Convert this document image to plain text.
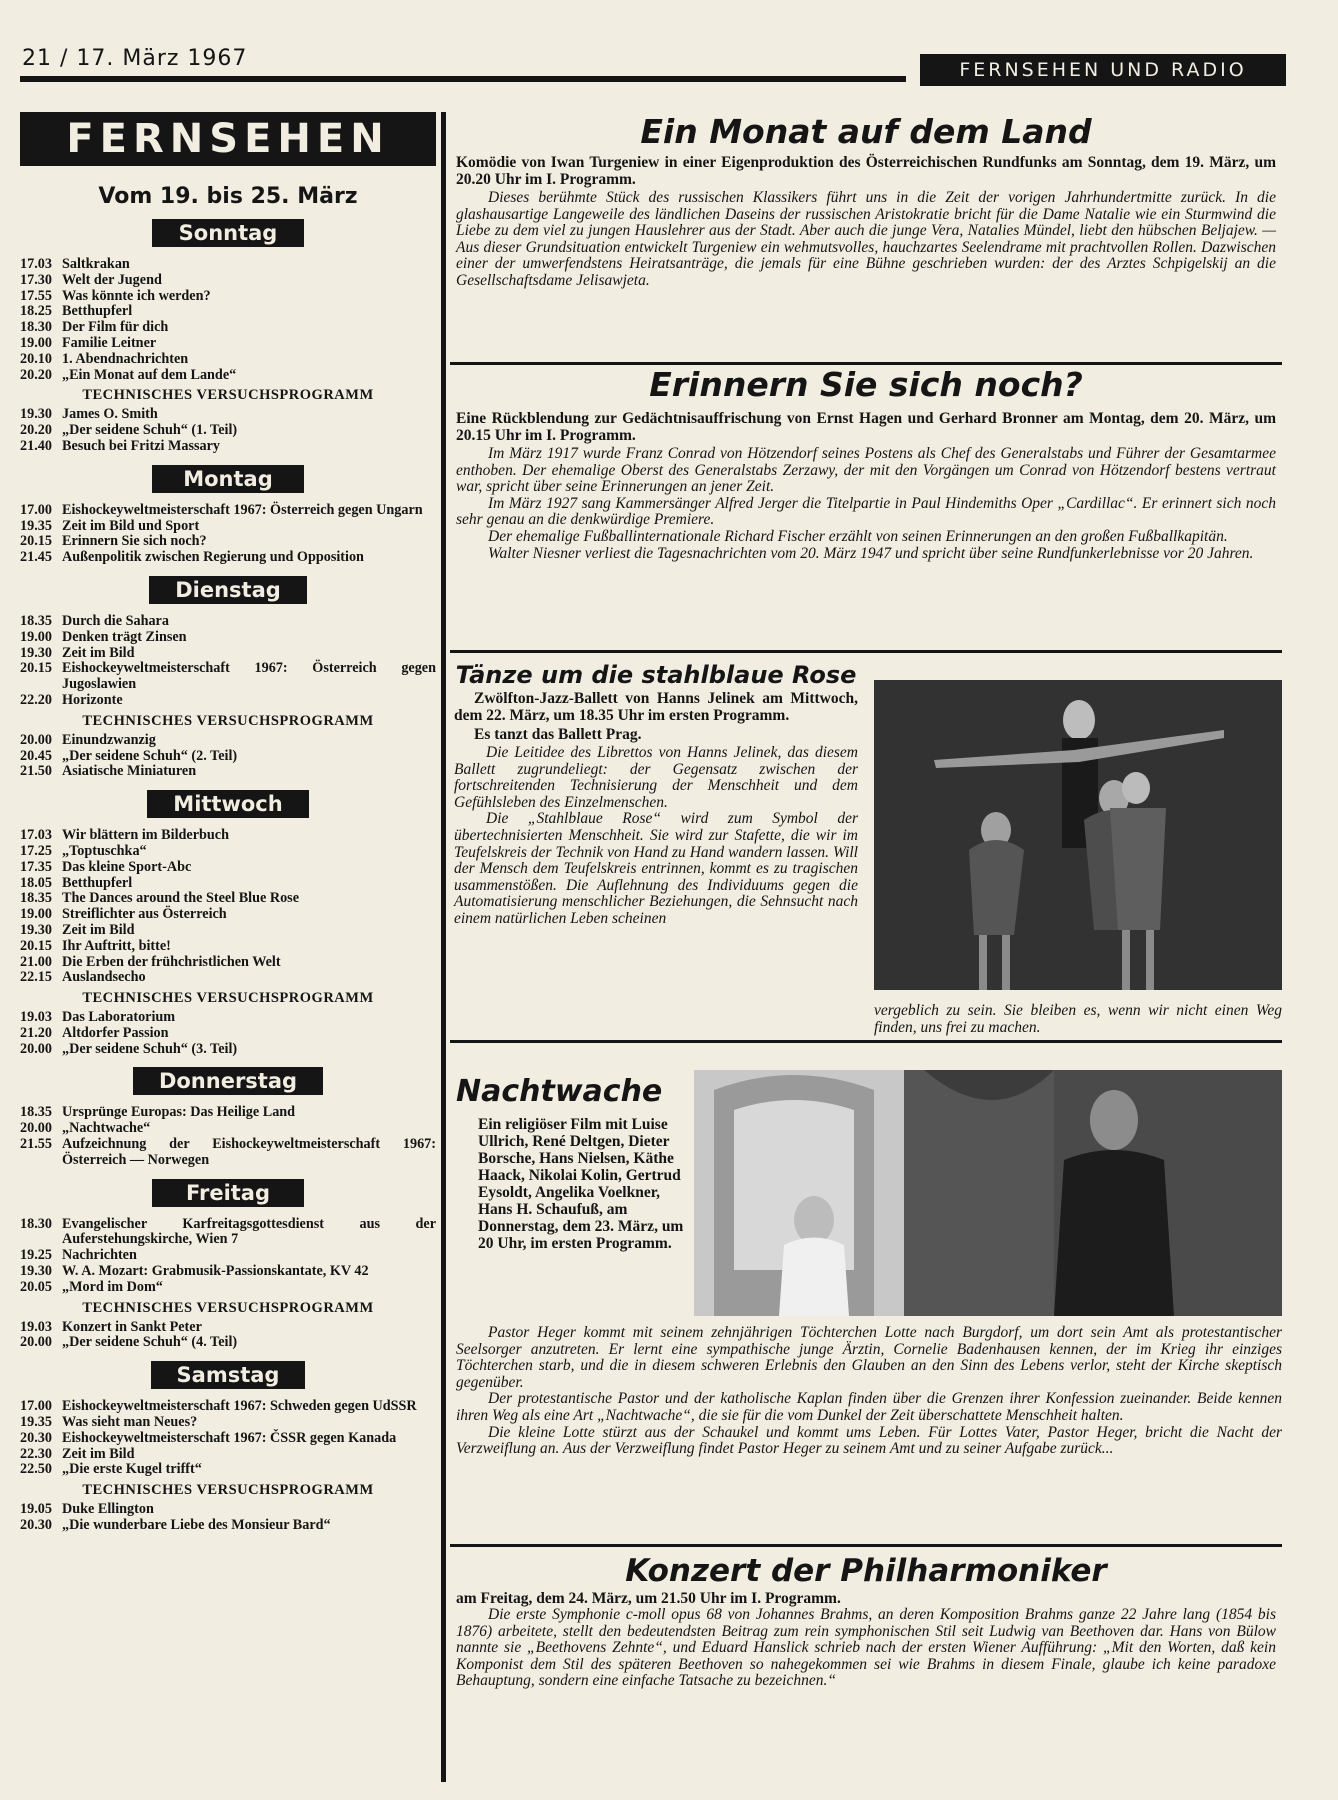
21 / 17. März 1967	FERNSEHEN UND RADIO
FERNSEHEN
Vom 19. bis 25. März
Sonntag
17.03 Saltkrakan
17.30 Welt der Jugend
17.55 Was könnte ich werden?
18.25 Betthupferl
18.30 Der Film für dich
19.00 Familie Leitner
20.10 1. Abendnachrichten
20.20 „Ein Monat auf dem Lande“
TECHNISCHES VERSUCHSPROGRAMM
19.30 James O. Smith
20.20 „Der seidene Schuh“ (1. Teil)
21.40 Besuch bei Fritzi Massary
Montag
17.00 Eishockeyweltmeisterschaft 1967: Österreich gegen Ungarn
19.35 Zeit im Bild und Sport
20.15 Erinnern Sie sich noch?
21.45 Außenpolitik zwischen Regierung und Opposition
Dienstag
18.35 Durch die Sahara
19.00 Denken trägt Zinsen
19.30 Zeit im Bild
20.15 Eishockeyweltmeisterschaft 1967: Österreich gegen Jugoslawien
22.20 Horizonte
TECHNISCHES VERSUCHSPROGRAMM
20.00 Einundzwanzig
20.45 „Der seidene Schuh“ (2. Teil)
21.50 Asiatische Miniaturen
Mittwoch
17.03 Wir blättern im Bilderbuch
17.25 „Toptuschka“
17.35 Das kleine Sport-Abc
18.05 Betthupferl
18.35 The Dances around the Steel Blue Rose
19.00 Streiflichter aus Österreich
19.30 Zeit im Bild
20.15 Ihr Auftritt, bitte!
21.00 Die Erben der frühchristlichen Welt
22.15 Auslandsecho
TECHNISCHES VERSUCHSPROGRAMM
19.03 Das Laboratorium
21.20 Altdorfer Passion
20.00 „Der seidene Schuh“ (3. Teil)
Donnerstag
18.35 Ursprünge Europas: Das Heilige Land
20.00 „Nachtwache“
21.55 Aufzeichnung der Eishockeyweltmeisterschaft 1967: Österreich — Norwegen
Freitag
18.30 Evangelischer Karfreitagsgottesdienst aus der Auferstehungskirche, Wien 7
19.25 Nachrichten
19.30 W. A. Mozart: Grabmusik-Passionskantate, KV 42
20.05 „Mord im Dom“
TECHNISCHES VERSUCHSPROGRAMM
19.03 Konzert in Sankt Peter
20.00 „Der seidene Schuh“ (4. Teil)
Samstag
17.00 Eishockeyweltmeisterschaft 1967: Schweden gegen UdSSR
19.35 Was sieht man Neues?
20.30 Eishockeyweltmeisterschaft 1967: ČSSR gegen Kanada
22.30 Zeit im Bild
22.50 „Die erste Kugel trifft“
TECHNISCHES VERSUCHSPROGRAMM
19.05 Duke Ellington
20.30 „Die wunderbare Liebe des Monsieur Bard“
Ein Monat auf dem Land
Komödie von Iwan Turgeniew in einer Eigenproduktion des Österreichischen Rundfunks am Sonntag, dem 19. März, um 20.20 Uhr im I. Programm.
Dieses berühmte Stück des russischen Klassikers führt uns in die Zeit der vorigen Jahrhundertmitte zurück. In die glashausartige Langeweile des ländlichen Daseins der russischen Aristokratie bricht für die Dame Natalie wie ein Sturmwind die Liebe zu dem viel zu jungen Hauslehrer aus der Stadt. Aber auch die junge Vera, Natalies Mündel, liebt den hübschen Beljajew. — Aus dieser Grundsituation entwickelt Turgeniew ein wehmutsvolles, hauchzartes Seelendrame mit prachtvollen Rollen. Dazwischen einer der umwerfendstens Heiratsanträge, die jemals für eine Bühne geschrieben wurden: der des Arztes Schpigelskij an die Gesellschaftsdame Jelisawjeta.
Erinnern Sie sich noch?
Eine Rückblendung zur Gedächtnisauffrischung von Ernst Hagen und Gerhard Bronner am Montag, dem 20. März, um 20.15 Uhr im I. Programm.

Im März 1917 wurde Franz Conrad von Hötzendorf seines Postens als Chef des Generalstabs und Führer der Gesamtarmee enthoben. Der ehemalige Oberst des Generalstabs Zerzawy, der mit den Vorgängen um Conrad von Hötzendorf bestens vertraut war, spricht über seine Erinnerungen an jener Zeit.

Im März 1927 sang Kammersänger Alfred Jerger die Titelpartie in Paul Hindemiths Oper „Cardillac“. Er erinnert sich noch sehr genau an die denkwürdige Premiere.

Der ehemalige Fußballinternationale Richard Fischer erzählt von seinen Erinnerungen an den großen Fußballkapitän.

Walter Niesner verliest die Tagesnachrichten vom 20. März 1947 und spricht über seine Rundfunkerlebnisse vor 20 Jahren.

Tänze um die stahlblaue Rose
Zwölfton-Jazz-Ballett von Hanns Jelinek am Mittwoch, dem 22. März, um 18.35 Uhr im ersten Programm.
Es tanzt das Ballett Prag.

Die Leitidee des Librettos von Hanns Jelinek, das diesem Ballett zugrundeliegt: der Gegensatz zwischen der fortschreitenden Technisierung der Menschheit und dem Gefühlsleben des Einzelmenschen.

Die „Stahlblaue Rose“ wird zum Symbol der übertechnisierten Menschheit. Sie wird zur Stafette, die wir im Teufelskreis der Technik von Hand zu Hand wandern lassen. Will der Mensch dem Teufelskreis entrinnen, kommt es zu tragischen usammenstößen. Die Auflehnung des Individuums gegen die Automatisierung menschlicher Beziehungen, die Sehnsucht nach einem natürlichen Leben scheinen

vergeblich zu sein. Sie bleiben es, wenn wir nicht einen Weg finden, uns frei zu machen.
Nachtwache
Ein religiöser Film mit Luise Ullrich, René Deltgen, Dieter Borsche, Hans Nielsen, Käthe Haack, Nikolai Kolin, Gertrud Eysoldt, Angelika Voelkner, Hans H. Schaufuß, am Donnerstag, dem 23. März, um 20 Uhr, im ersten Programm.

Pastor Heger kommt mit seinem zehnjährigen Töchterchen Lotte nach Burgdorf, um dort sein Amt als protestantischer Seelsorger anzutreten. Er lernt eine sympathische junge Ärztin, Cornelie Badenhausen kennen, der im Krieg ihr einziges Töchterchen starb, und die in diesem schweren Erlebnis den Glauben an den Sinn des Lebens verlor, steht der Kirche skeptisch gegenüber.

Der protestantische Pastor und der katholische Kaplan finden über die Grenzen ihrer Konfession zueinander. Beide kennen ihren Weg als eine Art „Nachtwache“, die sie für die vom Dunkel der Zeit überschattete Menschheit halten.

Die kleine Lotte stürzt aus der Schaukel und kommt ums Leben. Für Lottes Vater, Pastor Heger, bricht die Nacht der Verzweiflung an. Aus der Verzweiflung findet Pastor Heger zu seinem Amt und zu seiner Aufgabe zurück...

Konzert der Philharmoniker
am Freitag, dem 24. März, um 21.50 Uhr im I. Programm.
Die erste Symphonie c-moll opus 68 von Johannes Brahms, an deren Komposition Brahms ganze 22 Jahre lang (1854 bis 1876) arbeitete, stellt den bedeutendsten Beitrag zum rein symphonischen Stil seit Ludwig van Beethoven dar. Hans von Bülow nannte sie „Beethovens Zehnte“, und Eduard Hanslick schrieb nach der ersten Wiener Aufführung: „Mit den Worten, daß kein Komponist dem Stil des späteren Beethoven so nahegekommen sei wie Brahms in diesem Finale, glaube ich keine paradoxe Behauptung, sondern eine einfache Tatsache zu bezeichnen.“
